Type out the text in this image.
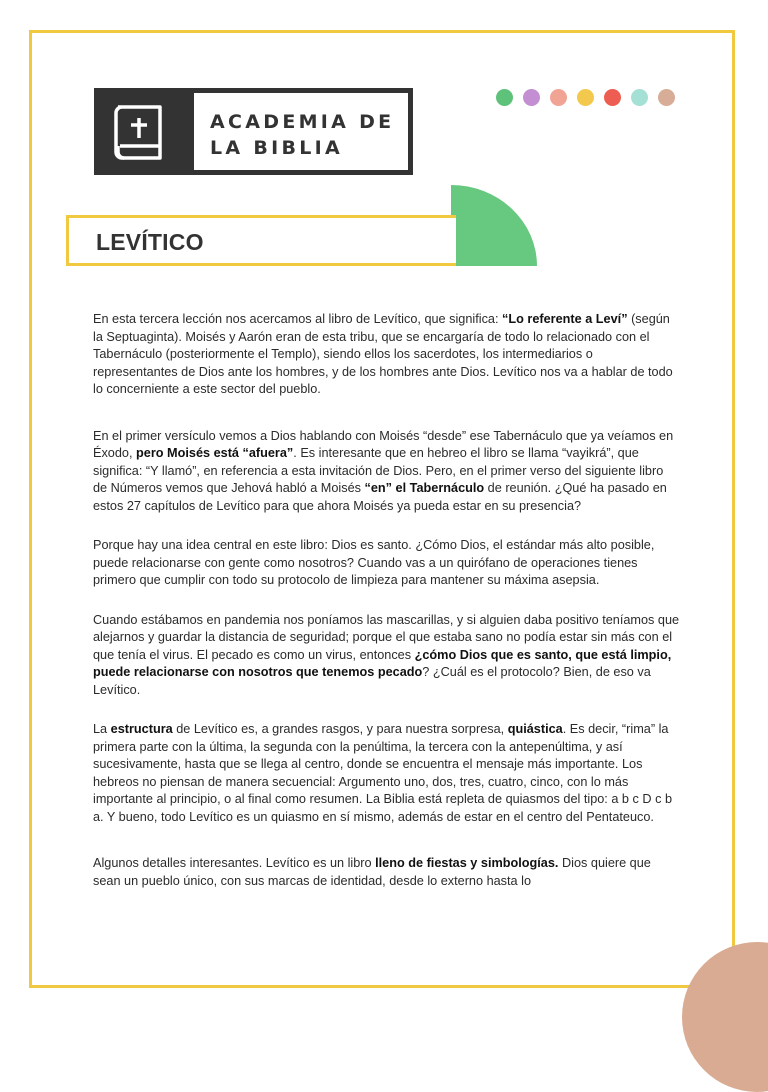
ACADEMIA DE
LA BIBLIA
LEVÍTICO

En esta tercera lección nos acercamos al libro de Levítico, que significa: “Lo referente a Leví” (según la Septuaginta). Moisés y Aarón eran de esta tribu, que se encargaría de todo lo relacionado con el Tabernáculo (posteriormente el Templo), siendo ellos los sacerdotes, los intermediarios o representantes de Dios ante los hombres, y de los hombres ante Dios. Levítico nos va a hablar de todo lo concerniente a este sector del pueblo.

En el primer versículo vemos a Dios hablando con Moisés “desde” ese Tabernáculo que ya veíamos en Éxodo, pero Moisés está “afuera”. Es interesante que en hebreo el libro se llama “vayikrá”, que significa: “Y llamó”, en referencia a esta invitación de Dios. Pero, en el primer verso del siguiente libro de Números vemos que Jehová habló a Moisés “en” el Tabernáculo de reunión. ¿Qué ha pasado en estos 27 capítulos de Levítico para que ahora Moisés ya pueda estar en su presencia?

Porque hay una idea central en este libro: Dios es santo. ¿Cómo Dios, el estándar más alto posible, puede relacionarse con gente como nosotros? Cuando vas a un quirófano de operaciones tienes primero que cumplir con todo su protocolo de limpieza para mantener su máxima asepsia.

Cuando estábamos en pandemia nos poníamos las mascarillas, y si alguien daba positivo teníamos que alejarnos y guardar la distancia de seguridad; porque el que estaba sano no podía estar sin más con el que tenía el virus. El pecado es como un virus, entonces ¿cómo Dios que es santo, que está limpio, puede relacionarse con nosotros que tenemos pecado? ¿Cuál es el protocolo? Bien, de eso va Levítico.

La estructura de Levítico es, a grandes rasgos, y para nuestra sorpresa, quiástica. Es decir, “rima” la primera parte con la última, la segunda con la penúltima, la tercera con la antepenúltima, y así sucesivamente, hasta que se llega al centro, donde se encuentra el mensaje más importante. Los hebreos no piensan de manera secuencial: Argumento uno, dos, tres, cuatro, cinco, con lo más importante al principio, o al final como resumen. La Biblia está repleta de quiasmos del tipo: a b c D c b a. Y bueno, todo Levítico es un quiasmo en sí mismo, además de estar en el centro del Pentateuco.

Algunos detalles interesantes. Levítico es un libro lleno de fiestas y simbologías. Dios quiere que sean un pueblo único, con sus marcas de identidad, desde lo externo hasta lo
